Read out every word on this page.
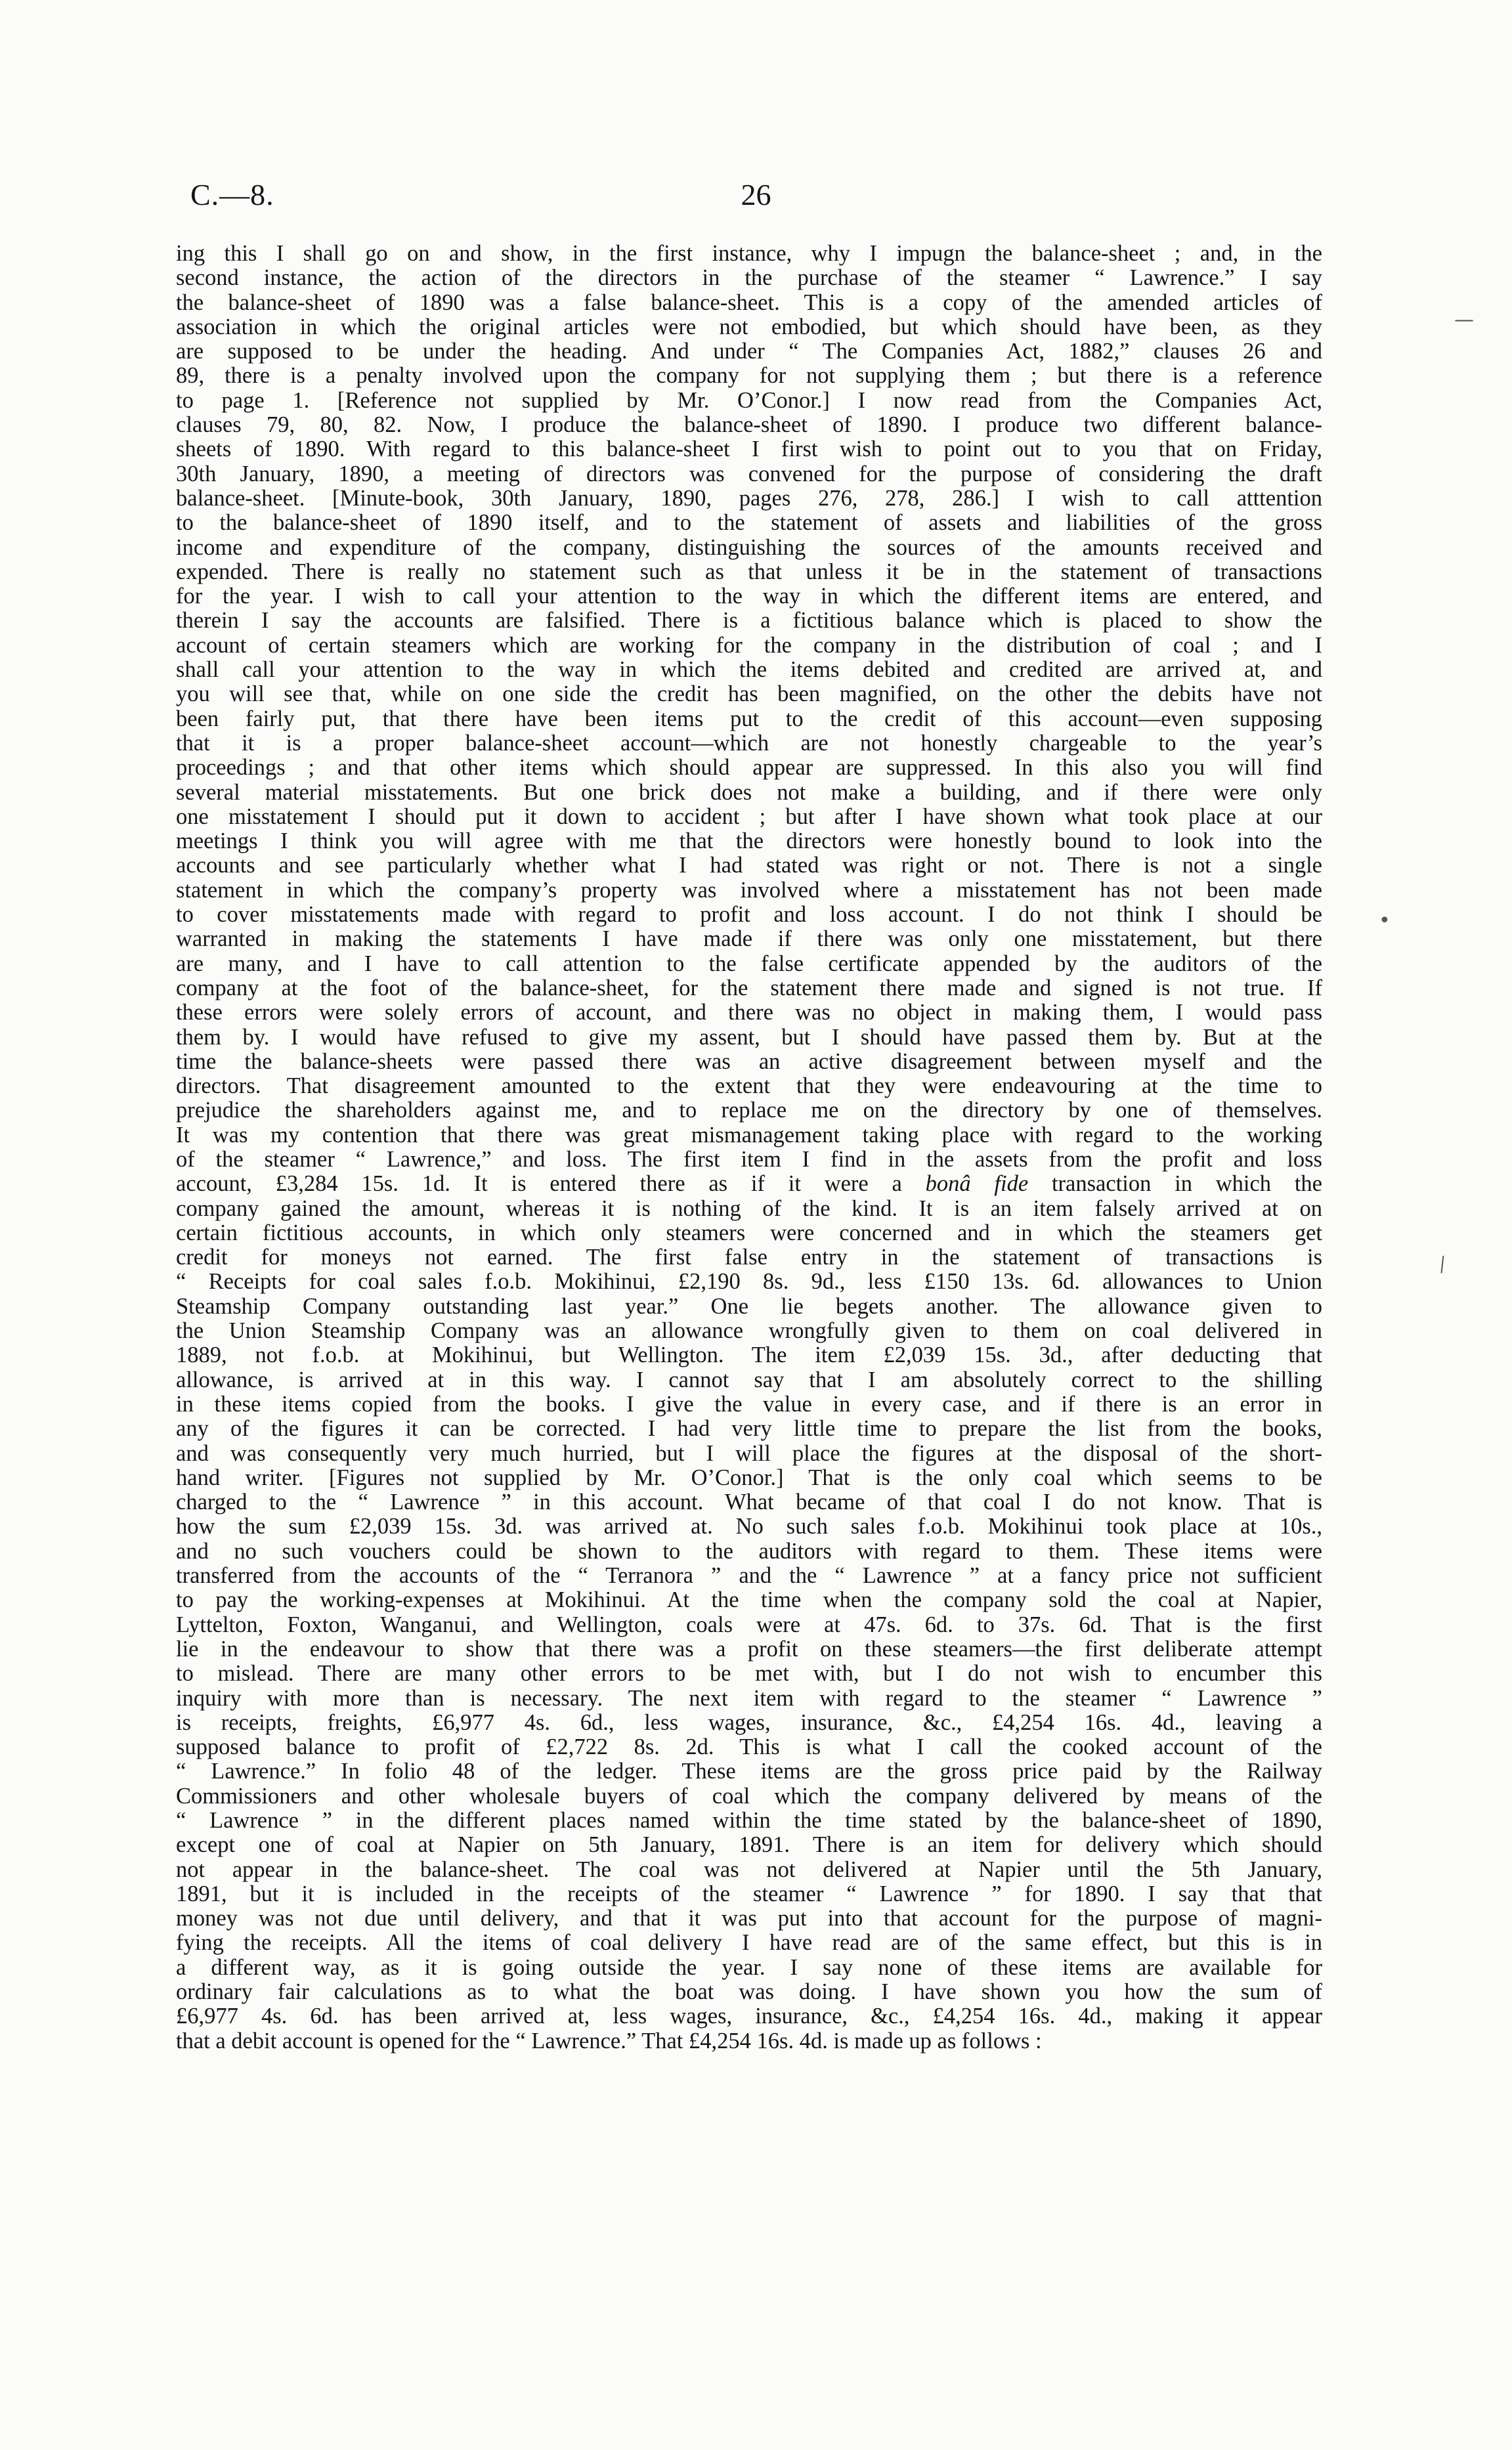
C.—8.	26
ing this I shall go on and show, in the first instance, why I impugn the balance-sheet ; and, in the
second instance, the action of the directors in the purchase of the steamer “ Lawrence.” I say
the balance-sheet of 1890 was a false balance-sheet. This is a copy of the amended articles of
association in which the original articles were not embodied, but which should have been, as they
are supposed to be under the heading. And under “ The Companies Act, 1882,” clauses 26 and
89, there is a penalty involved upon the company for not supplying them ; but there is a reference
to page 1. [Reference not supplied by Mr. O’Conor.] I now read from the Companies Act,
clauses 79, 80, 82. Now, I produce the balance-sheet of 1890. I produce two different balance-
sheets of 1890. With regard to this balance-sheet I first wish to point out to you that on Friday,
30th January, 1890, a meeting of directors was convened for the purpose of considering the draft
balance-sheet. [Minute-book, 30th January, 1890, pages 276, 278, 286.] I wish to call atttention
to the balance-sheet of 1890 itself, and to the statement of assets and liabilities of the gross
income and expenditure of the company, distinguishing the sources of the amounts received and
expended. There is really no statement such as that unless it be in the statement of transactions
for the year. I wish to call your attention to the way in which the different items are entered, and
therein I say the accounts are falsified. There is a fictitious balance which is placed to show the
account of certain steamers which are working for the company in the distribution of coal ; and I
shall call your attention to the way in which the items debited and credited are arrived at, and
you will see that, while on one side the credit has been magnified, on the other the debits have not
been fairly put, that there have been items put to the credit of this account—even supposing
that it is a proper balance-sheet account—which are not honestly chargeable to the year’s
proceedings ; and that other items which should appear are suppressed. In this also you will find
several material misstatements. But one brick does not make a building, and if there were only
one misstatement I should put it down to accident ; but after I have shown what took place at our
meetings I think you will agree with me that the directors were honestly bound to look into the
accounts and see particularly whether what I had stated was right or not. There is not a single
statement in which the company’s property was involved where a misstatement has not been made
to cover misstatements made with regard to profit and loss account. I do not think I should be
warranted in making the statements I have made if there was only one misstatement, but there
are many, and I have to call attention to the false certificate appended by the auditors of the
company at the foot of the balance-sheet, for the statement there made and signed is not true. If
these errors were solely errors of account, and there was no object in making them, I would pass
them by. I would have refused to give my assent, but I should have passed them by. But at the
time the balance-sheets were passed there was an active disagreement between myself and the
directors. That disagreement amounted to the extent that they were endeavouring at the time to
prejudice the shareholders against me, and to replace me on the directory by one of themselves.
It was my contention that there was great mismanagement taking place with regard to the working
of the steamer “ Lawrence,” and loss. The first item I find in the assets from the profit and loss
account, £3,284 15s. 1d. It is entered there as if it were a bonâ fide transaction in which the
company gained the amount, whereas it is nothing of the kind. It is an item falsely arrived at on
certain fictitious accounts, in which only steamers were concerned and in which the steamers get
credit for moneys not earned. The first false entry in the statement of transactions is
“ Receipts for coal sales f.o.b. Mokihinui, £2,190 8s. 9d., less £150 13s. 6d. allowances to Union
Steamship Company outstanding last year.” One lie begets another. The allowance given to
the Union Steamship Company was an allowance wrongfully given to them on coal delivered in
1889, not f.o.b. at Mokihinui, but Wellington. The item £2,039 15s. 3d., after deducting that
allowance, is arrived at in this way. I cannot say that I am absolutely correct to the shilling
in these items copied from the books. I give the value in every case, and if there is an error in
any of the figures it can be corrected. I had very little time to prepare the list from the books,
and was consequently very much hurried, but I will place the figures at the disposal of the short-
hand writer. [Figures not supplied by Mr. O’Conor.] That is the only coal which seems to be
charged to the “ Lawrence ” in this account. What became of that coal I do not know. That is
how the sum £2,039 15s. 3d. was arrived at. No such sales f.o.b. Mokihinui took place at 10s.,
and no such vouchers could be shown to the auditors with regard to them. These items were
transferred from the accounts of the “ Terranora ” and the “ Lawrence ” at a fancy price not sufficient
to pay the working-expenses at Mokihinui. At the time when the company sold the coal at Napier,
Lyttelton, Foxton, Wanganui, and Wellington, coals were at 47s. 6d. to 37s. 6d. That is the first
lie in the endeavour to show that there was a profit on these steamers—the first deliberate attempt
to mislead. There are many other errors to be met with, but I do not wish to encumber this
inquiry with more than is necessary. The next item with regard to the steamer “ Lawrence ”
is receipts, freights, £6,977 4s. 6d., less wages, insurance, &c., £4,254 16s. 4d., leaving a
supposed balance to profit of £2,722 8s. 2d. This is what I call the cooked account of the
“ Lawrence.” In folio 48 of the ledger. These items are the gross price paid by the Railway
Commissioners and other wholesale buyers of coal which the company delivered by means of the
“ Lawrence ” in the different places named within the time stated by the balance-sheet of 1890,
except one of coal at Napier on 5th January, 1891. There is an item for delivery which should
not appear in the balance-sheet. The coal was not delivered at Napier until the 5th January,
1891, but it is included in the receipts of the steamer “ Lawrence ” for 1890. I say that that
money was not due until delivery, and that it was put into that account for the purpose of magni-
fying the receipts. All the items of coal delivery I have read are of the same effect, but this is in
a different way, as it is going outside the year. I say none of these items are available for
ordinary fair calculations as to what the boat was doing. I have shown you how the sum of
£6,977 4s. 6d. has been arrived at, less wages, insurance, &c., £4,254 16s. 4d., making it appear
that a debit account is opened for the “ Lawrence.” That £4,254 16s. 4d. is made up as follows :
—
•
⁄
